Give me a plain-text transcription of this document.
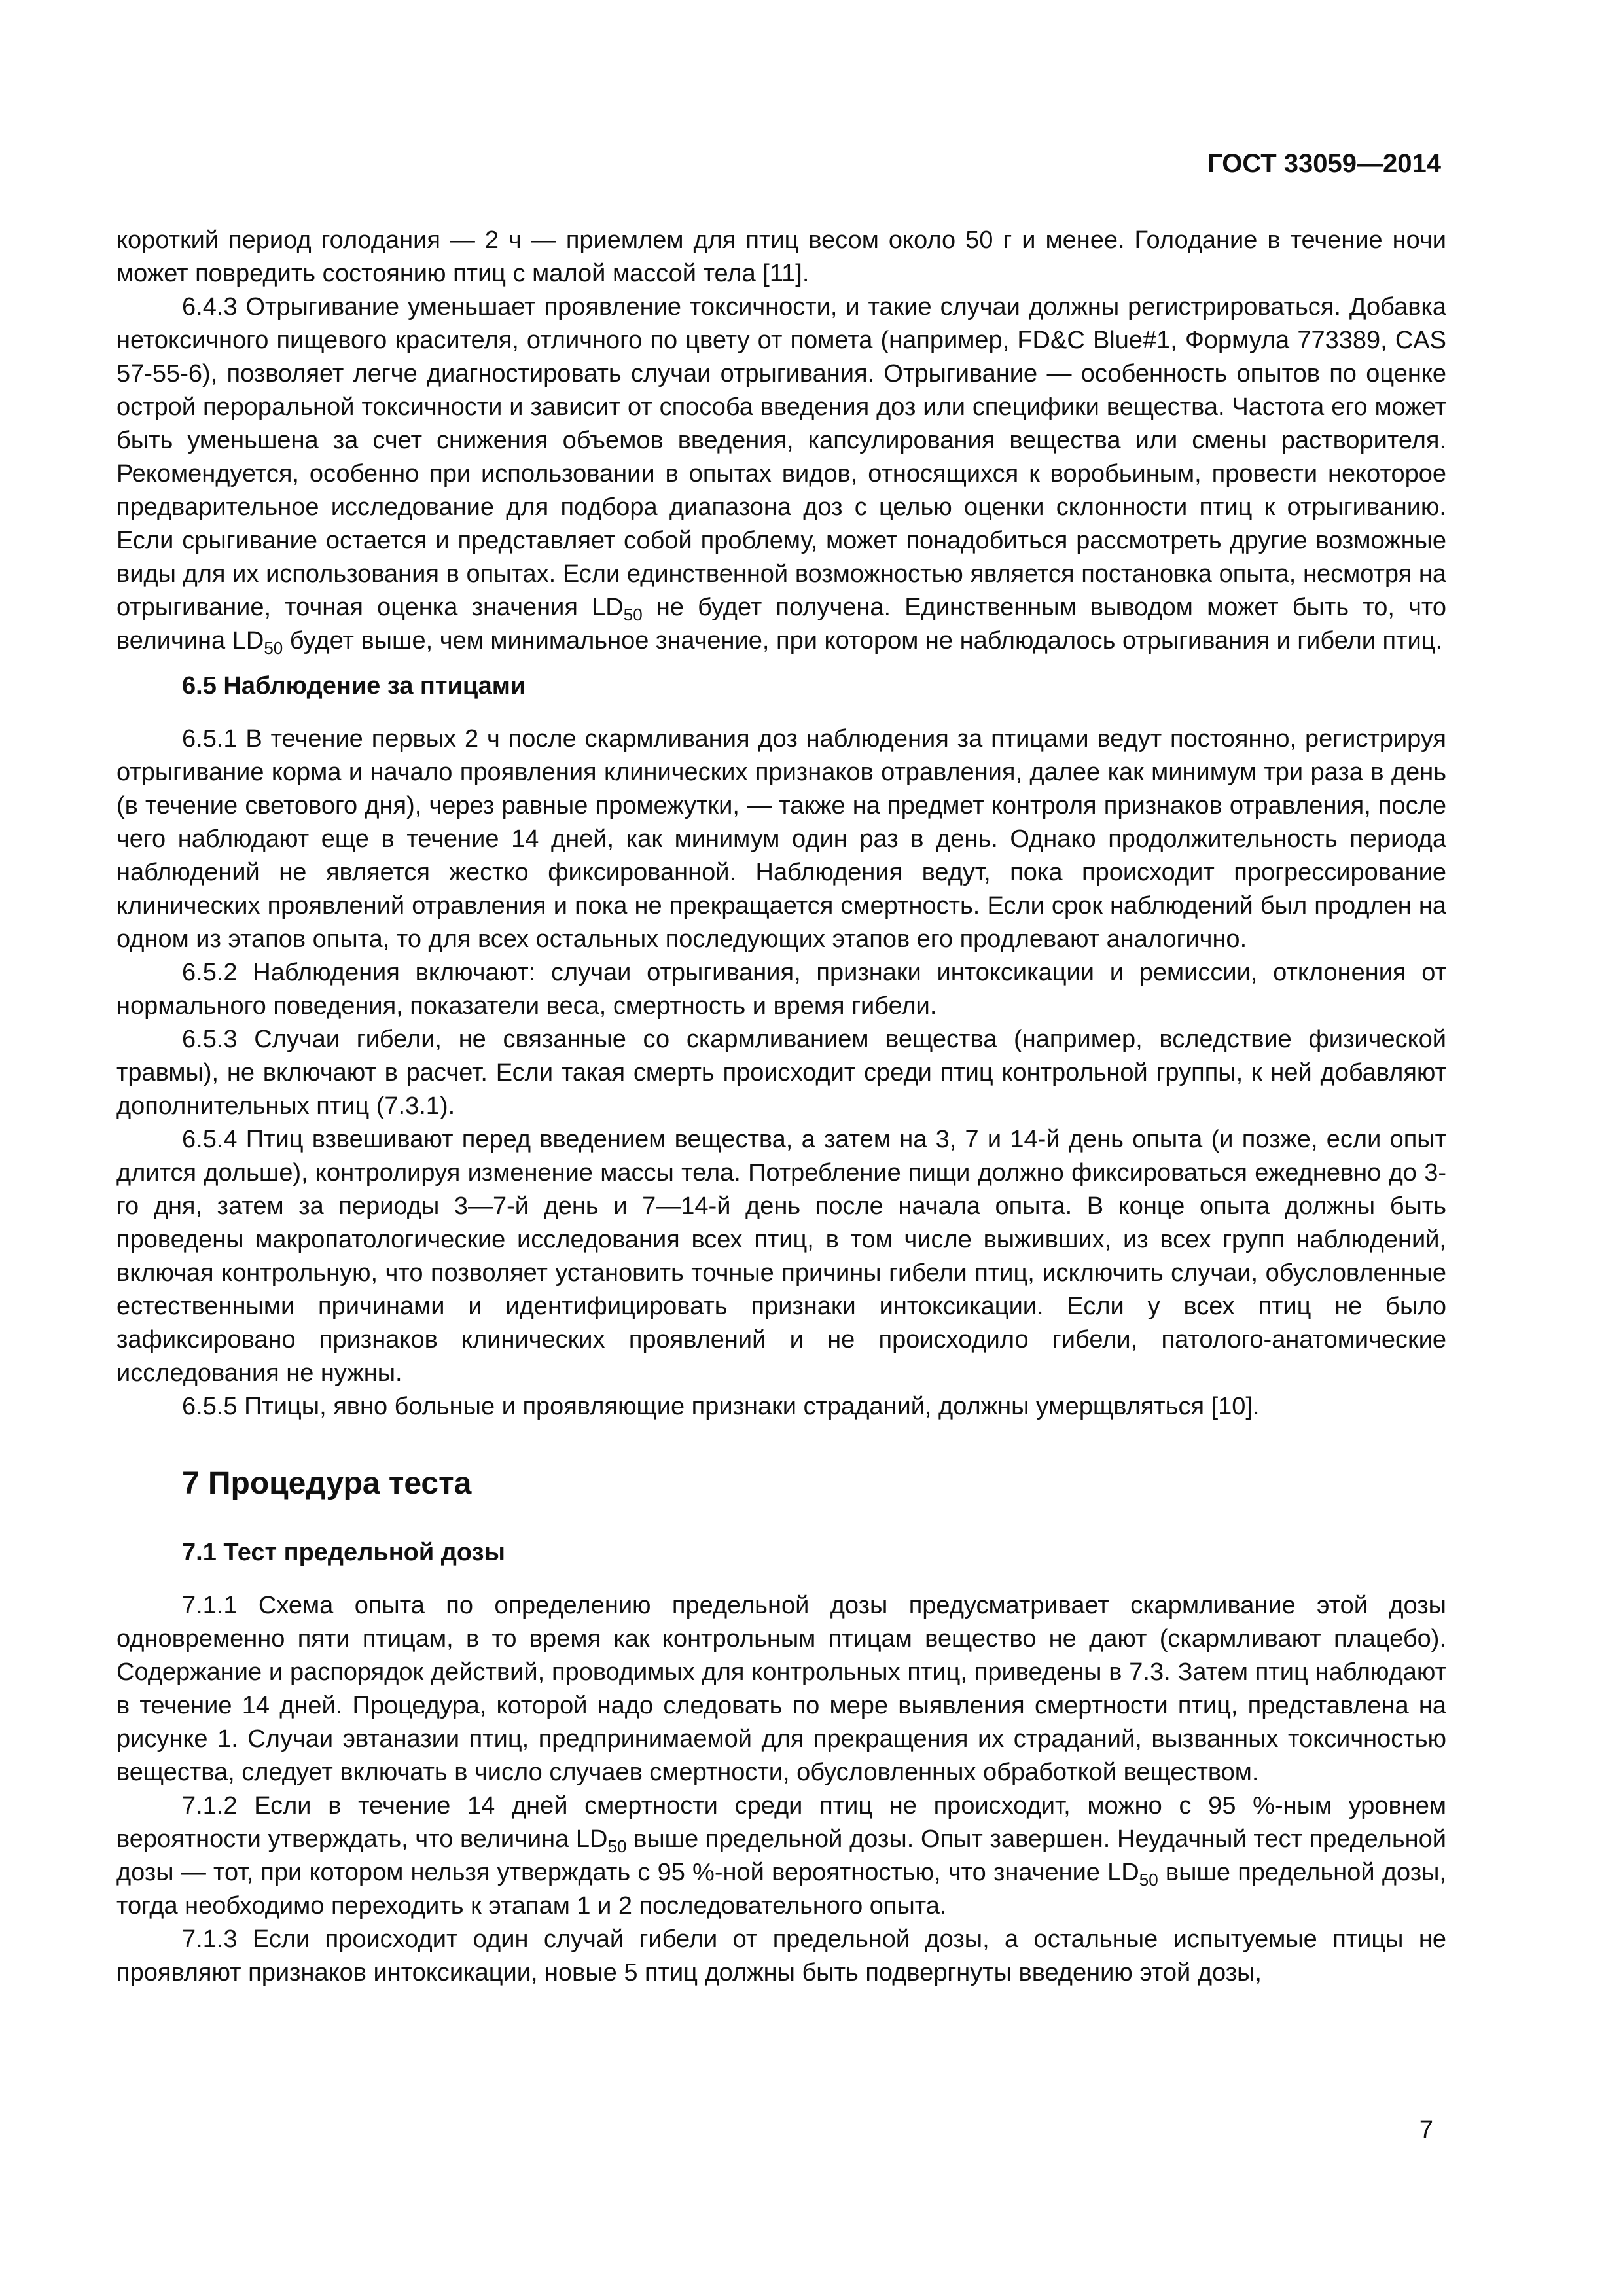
ГОСТ 33059—2014

короткий период голодания — 2 ч — приемлем для птиц весом около 50 г и менее. Голодание в течение ночи может повредить состоянию птиц с малой массой тела [11].

6.4.3 Отрыгивание уменьшает проявление токсичности, и такие случаи должны регистрироваться. Добавка нетоксичного пищевого красителя, отличного по цвету от помета (например, FD&C Blue#1, Формула 773389, CAS 57-55-6), позволяет легче диагностировать случаи отрыгивания. Отрыгивание — особенность опытов по оценке острой пероральной токсичности и зависит от способа введения доз или специфики вещества. Частота его может быть уменьшена за счет снижения объемов введения, капсулирования вещества или смены растворителя. Рекомендуется, особенно при использовании в опытах видов, относящихся к воробьиным, провести некоторое предварительное исследование для подбора диапазона доз с целью оценки склонности птиц к отрыгиванию. Если срыгивание остается и представляет собой проблему, может понадобиться рассмотреть другие возможные виды для их использования в опытах. Если единственной возможностью является постановка опыта, несмотря на отрыгивание, точная оценка значения $LD_{50}$ не будет получена. Единственным выводом может быть то, что величина $LD_{50}$ будет выше, чем минимальное значение, при котором не наблюдалось отрыгивания и гибели птиц.

6.5 Наблюдение за птицами

6.5.1 В течение первых 2 ч после скармливания доз наблюдения за птицами ведут постоянно, регистрируя отрыгивание корма и начало проявления клинических признаков отравления, далее как минимум три раза в день (в течение светового дня), через равные промежутки, — также на предмет контроля признаков отравления, после чего наблюдают еще в течение 14 дней, как минимум один раз в день. Однако продолжительность периода наблюдений не является жестко фиксированной. Наблюдения ведут, пока происходит прогрессирование клинических проявлений отравления и пока не прекращается смертность. Если срок наблюдений был продлен на одном из этапов опыта, то для всех остальных последующих этапов его продлевают аналогично.

6.5.2 Наблюдения включают: случаи отрыгивания, признаки интоксикации и ремиссии, отклонения от нормального поведения, показатели веса, смертность и время гибели.

6.5.3 Случаи гибели, не связанные со скармливанием вещества (например, вследствие физической травмы), не включают в расчет. Если такая смерть происходит среди птиц контрольной группы, к ней добавляют дополнительных птиц (7.3.1).

6.5.4 Птиц взвешивают перед введением вещества, а затем на 3, 7 и 14-й день опыта (и позже, если опыт длится дольше), контролируя изменение массы тела. Потребление пищи должно фиксироваться ежедневно до 3-го дня, затем за периоды 3—7-й день и 7—14-й день после начала опыта. В конце опыта должны быть проведены макропатологические исследования всех птиц, в том числе выживших, из всех групп наблюдений, включая контрольную, что позволяет установить точные причины гибели птиц, исключить случаи, обусловленные естественными причинами и идентифицировать признаки интоксикации. Если у всех птиц не было зафиксировано признаков клинических проявлений и не происходило гибели, патолого-анатомические исследования не нужны.

6.5.5 Птицы, явно больные и проявляющие признаки страданий, должны умерщвляться [10].

7 Процедура теста
7.1 Тест предельной дозы

7.1.1 Схема опыта по определению предельной дозы предусматривает скармливание этой дозы одновременно пяти птицам, в то время как контрольным птицам вещество не дают (скармливают плацебо). Содержание и распорядок действий, проводимых для контрольных птиц, приведены в 7.3. Затем птиц наблюдают в течение 14 дней. Процедура, которой надо следовать по мере выявления смертности птиц, представлена на рисунке 1. Случаи эвтаназии птиц, предпринимаемой для прекращения их страданий, вызванных токсичностью вещества, следует включать в число случаев смертности, обусловленных обработкой веществом.

7.1.2 Если в течение 14 дней смертности среди птиц не происходит, можно с 95 %-ным уровнем вероятности утверждать, что величина $LD_{50}$ выше предельной дозы. Опыт завершен. Неудачный тест предельной дозы — тот, при котором нельзя утверждать с 95 %-ной вероятностью, что значение $LD_{50}$ выше предельной дозы, тогда необходимо переходить к этапам 1 и 2 последовательного опыта.

7.1.3 Если происходит один случай гибели от предельной дозы, а остальные испытуемые птицы не проявляют признаков интоксикации, новые 5 птиц должны быть подвергнуты введению этой дозы,

7
